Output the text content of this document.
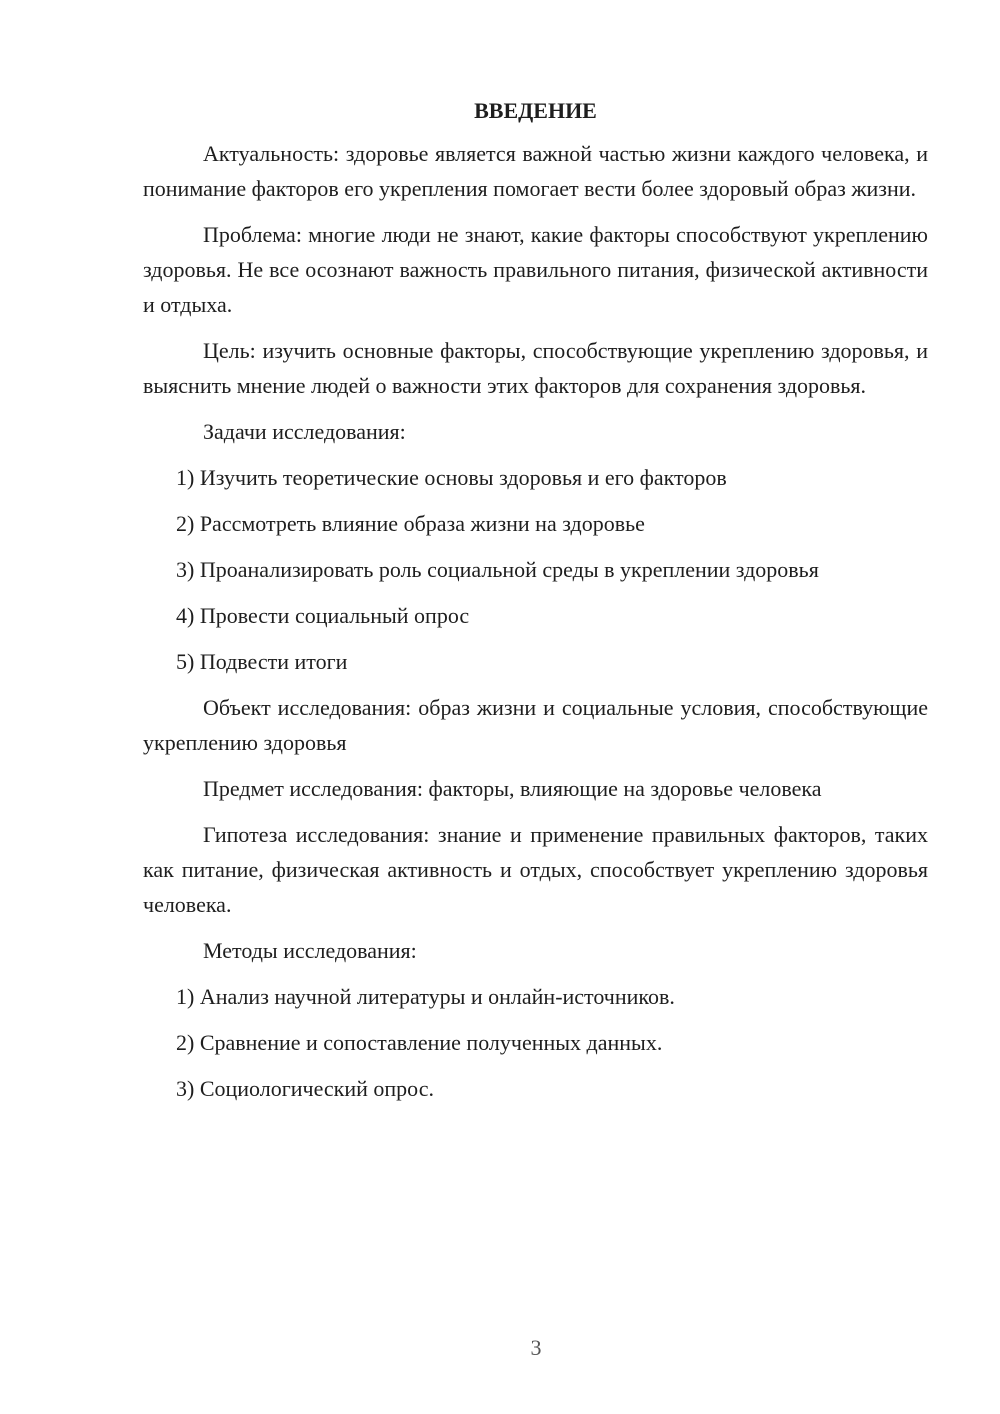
ВВЕДЕНИЕ

Актуальность: здоровье является важной частью жизни каждого человека, и понимание факторов его укрепления помогает вести более здоровый образ жизни.

Проблема: многие люди не знают, какие факторы способствуют укреплению здоровья. Не все осознают важность правильного питания, физической активности и отдыха.

Цель: изучить основные факторы, способствующие укреплению здоровья, и выяснить мнение людей о важности этих факторов для сохранения здоровья.

Задачи исследования:

1) Изучить теоретические основы здоровья и его факторов
2) Рассмотреть влияние образа жизни на здоровье
3) Проанализировать роль социальной среды в укреплении здоровья
4) Провести социальный опрос
5) Подвести итоги

Объект исследования: образ жизни и социальные условия, способствующие укреплению здоровья

Предмет исследования: факторы, влияющие на здоровье человека

Гипотеза исследования: знание и применение правильных факторов, таких как питание, физическая активность и отдых, способствует укреплению здоровья человека.

Методы исследования:

1) Анализ научной литературы и онлайн-источников.
2) Сравнение и сопоставление полученных данных.
3) Социологический опрос.
3
